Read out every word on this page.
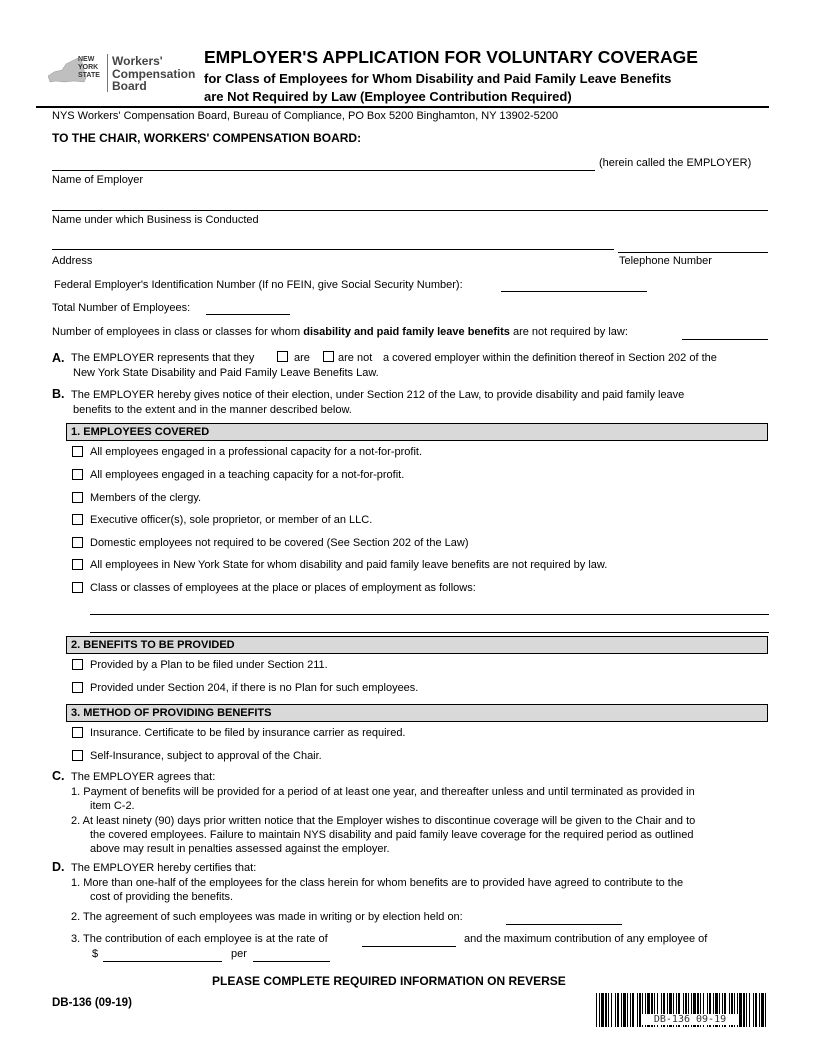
NEW YORK STATE
Workers'
Compensation
Board
EMPLOYER'S APPLICATION FOR VOLUNTARY COVERAGE
for Class of Employees for Whom Disability and Paid Family Leave Benefits
are Not Required by Law (Employee Contribution Required)
NYS Workers' Compensation Board, Bureau of Compliance, PO Box 5200 Binghamton, NY 13902-5200
TO THE CHAIR, WORKERS' COMPENSATION BOARD:
(herein called the EMPLOYER)
Name of Employer
Name under which Business is Conducted
Address	Telephone Number
Federal Employer's Identification Number (If no FEIN, give Social Security Number):
Total Number of Employees:
Number of employees in class or classes for whom disability and paid family leave benefits are not required by law:
A. The EMPLOYER represents that they	are	are not a covered employer within the definition thereof in Section 202 of the
New York State Disability and Paid Family Leave Benefits Law.
B. The EMPLOYER hereby gives notice of their election, under Section 212 of the Law, to provide disability and paid family leave
benefits to the extent and in the manner described below.
1. EMPLOYEES COVERED
All employees engaged in a professional capacity for a not-for-profit.
All employees engaged in a teaching capacity for a not-for-profit.
Members of the clergy.
Executive officer(s), sole proprietor, or member of an LLC.
Domestic employees not required to be covered (See Section 202 of the Law)
All employees in New York State for whom disability and paid family leave benefits are not required by law.
Class or classes of employees at the place or places of employment as follows:
2. BENEFITS TO BE PROVIDED
Provided by a Plan to be filed under Section 211.
Provided under Section 204, if there is no Plan for such employees.
3. METHOD OF PROVIDING BENEFITS
Insurance. Certificate to be filed by insurance carrier as required.
Self-Insurance, subject to approval of the Chair.
C. The EMPLOYER agrees that:
1. Payment of benefits will be provided for a period of at least one year, and thereafter unless and until terminated as provided in
item C-2.
2. At least ninety (90) days prior written notice that the Employer wishes to discontinue coverage will be given to the Chair and to
the covered employees. Failure to maintain NYS disability and paid family leave coverage for the required period as outlined
above may result in penalties assessed against the employer.
D. The EMPLOYER hereby certifies that:
1. More than one-half of the employees for the class herein for whom benefits are to provided have agreed to contribute to the
cost of providing the benefits.
2. The agreement of such employees was made in writing or by election held on:
3. The contribution of each employee is at the rate of	and the maximum contribution of any employee of
$	per
PLEASE COMPLETE REQUIRED INFORMATION ON REVERSE
DB-136 (09-19)
DB-136 09-19
